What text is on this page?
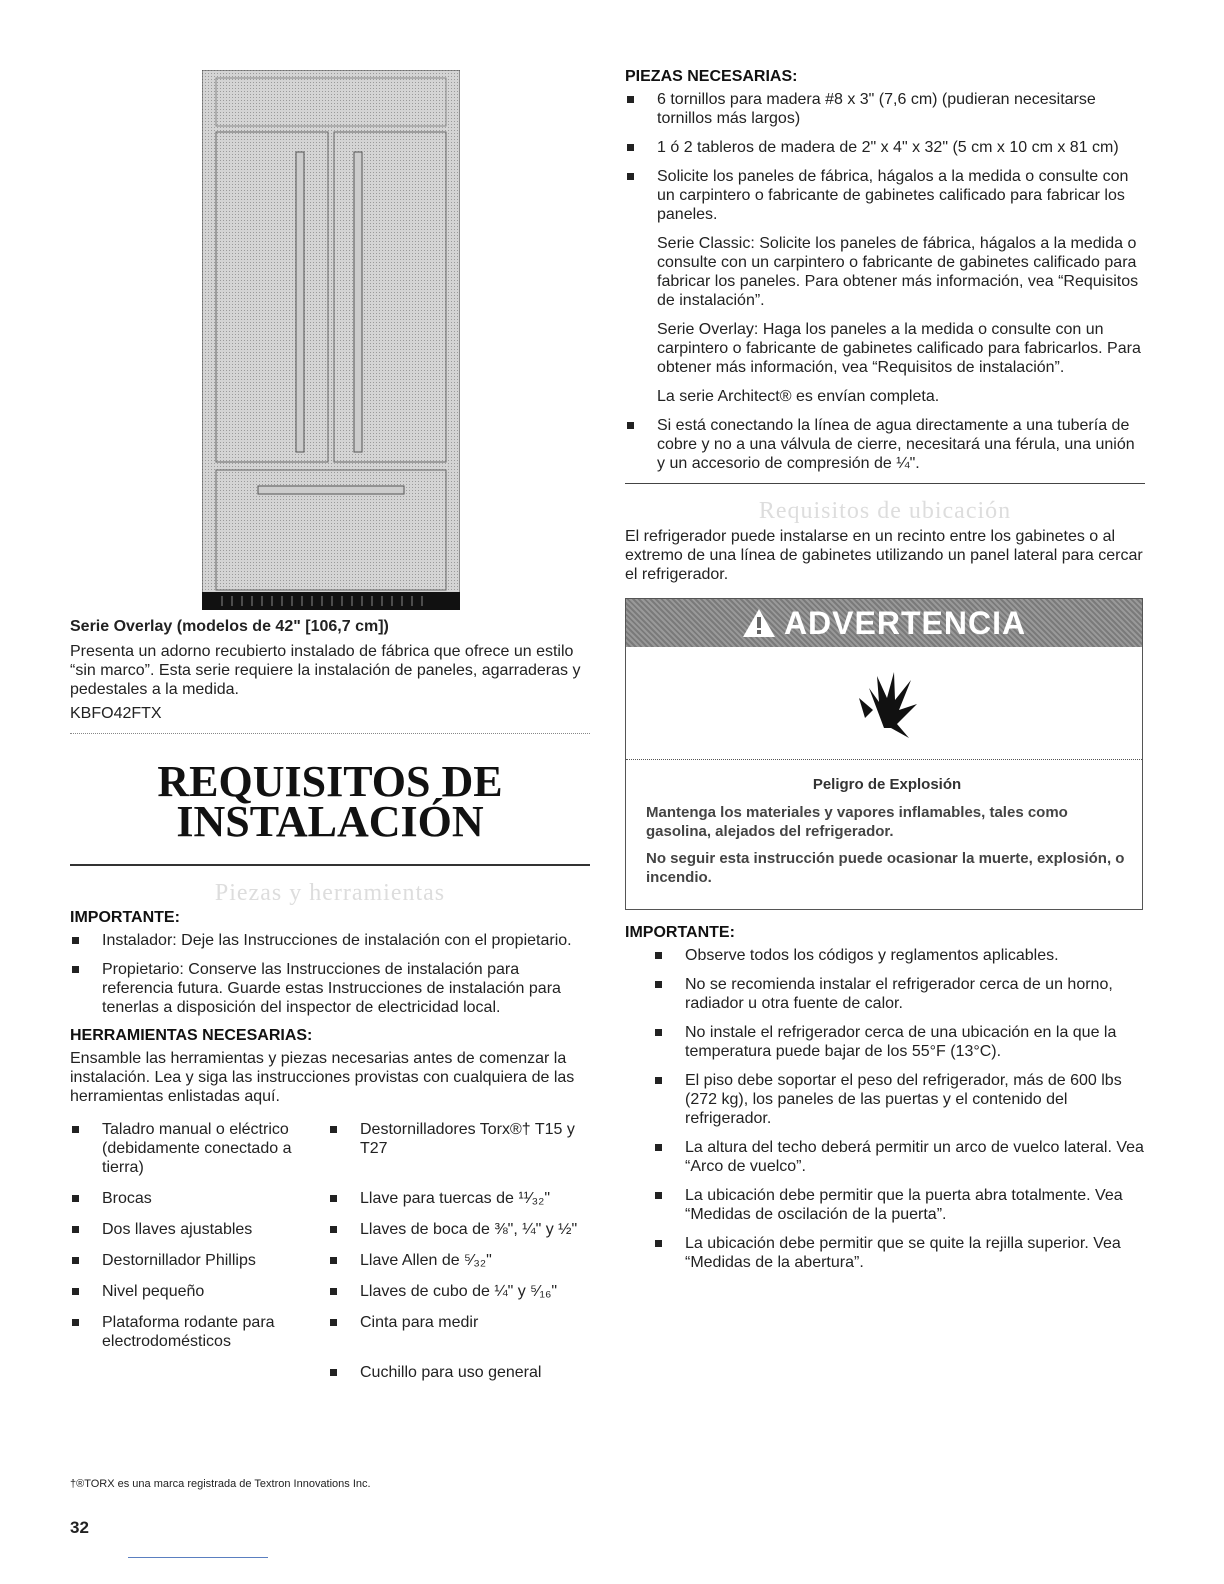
Serie Overlay (modelos de 42" [106,7 cm])

Presenta un adorno recubierto instalado de fábrica que ofrece un estilo “sin marco”. Esta serie requiere la instalación de paneles, agarraderas y pedestales a la medida.

KBFO42FTX

REQUISITOS DE
INSTALACIÓN
Piezas y herramientas
IMPORTANTE:
Instalador: Deje las Instrucciones de instalación con el propietario.
Propietario: Conserve las Instrucciones de instalación para referencia futura. Guarde estas Instrucciones de instalación para tenerlas a disposición del inspector de electricidad local.
HERRAMIENTAS NECESARIAS:

Ensamble las herramientas y piezas necesarias antes de comenzar la instalación. Lea y siga las instrucciones provistas con cualquiera de las herramientas enlistadas aquí.

Taladro manual o eléctrico (debidamente conectado a tierra)
Destornilladores Torx®† T15 y T27
Brocas	Llave para tuercas de ¹¹⁄₃₂"
Dos llaves ajustables	Llaves de boca de ⅜", ¼" y ½"
Destornillador Phillips	Llave Allen de ⁵⁄₃₂"
Nivel pequeño	Llaves de cubo de ¼" y ⁵⁄₁₆"
Plataforma rodante para electrodomésticos
Cinta para medir
Cuchillo para uso general
PIEZAS NECESARIAS:
6 tornillos para madera #8 x 3" (7,6 cm) (pudieran necesitarse tornillos más largos)
1 ó 2 tableros de madera de 2" x 4" x 32" (5 cm x 10 cm x 81 cm)
Solicite los paneles de fábrica, hágalos a la medida o consulte con un carpintero o fabricante de gabinetes calificado para fabricar los paneles.

Serie Classic: Solicite los paneles de fábrica, hágalos a la medida o consulte con un carpintero o fabricante de gabinetes calificado para fabricar los paneles. Para obtener más información, vea “Requisitos de instalación”.

Serie Overlay: Haga los paneles a la medida o consulte con un carpintero o fabricante de gabinetes calificado para fabricarlos. Para obtener más información, vea “Requisitos de instalación”.

La serie Architect® es envían completa.

Si está conectando la línea de agua directamente a una tubería de cobre y no a una válvula de cierre, necesitará una férula, una unión y un accesorio de compresión de ¼".
Requisitos de ubicación

El refrigerador puede instalarse en un recinto entre los gabinetes o al extremo de una línea de gabinetes utilizando un panel lateral para cercar el refrigerador.

ADVERTENCIA
Peligro de Explosión

Mantenga los materiales y vapores inflamables, tales como gasolina, alejados del refrigerador.

No seguir esta instrucción puede ocasionar la muerte, explosión, o incendio.

IMPORTANTE:
Observe todos los códigos y reglamentos aplicables.
No se recomienda instalar el refrigerador cerca de un horno, radiador u otra fuente de calor.
No instale el refrigerador cerca de una ubicación en la que la temperatura puede bajar de los 55°F (13°C).
El piso debe soportar el peso del refrigerador, más de 600 lbs (272 kg), los paneles de las puertas y el contenido del refrigerador.
La altura del techo deberá permitir un arco de vuelco lateral. Vea “Arco de vuelco”.
La ubicación debe permitir que la puerta abra totalmente. Vea “Medidas de oscilación de la puerta”.
La ubicación debe permitir que se quite la rejilla superior. Vea “Medidas de la abertura”.
†®TORX es una marca registrada de Textron Innovations Inc.
32
